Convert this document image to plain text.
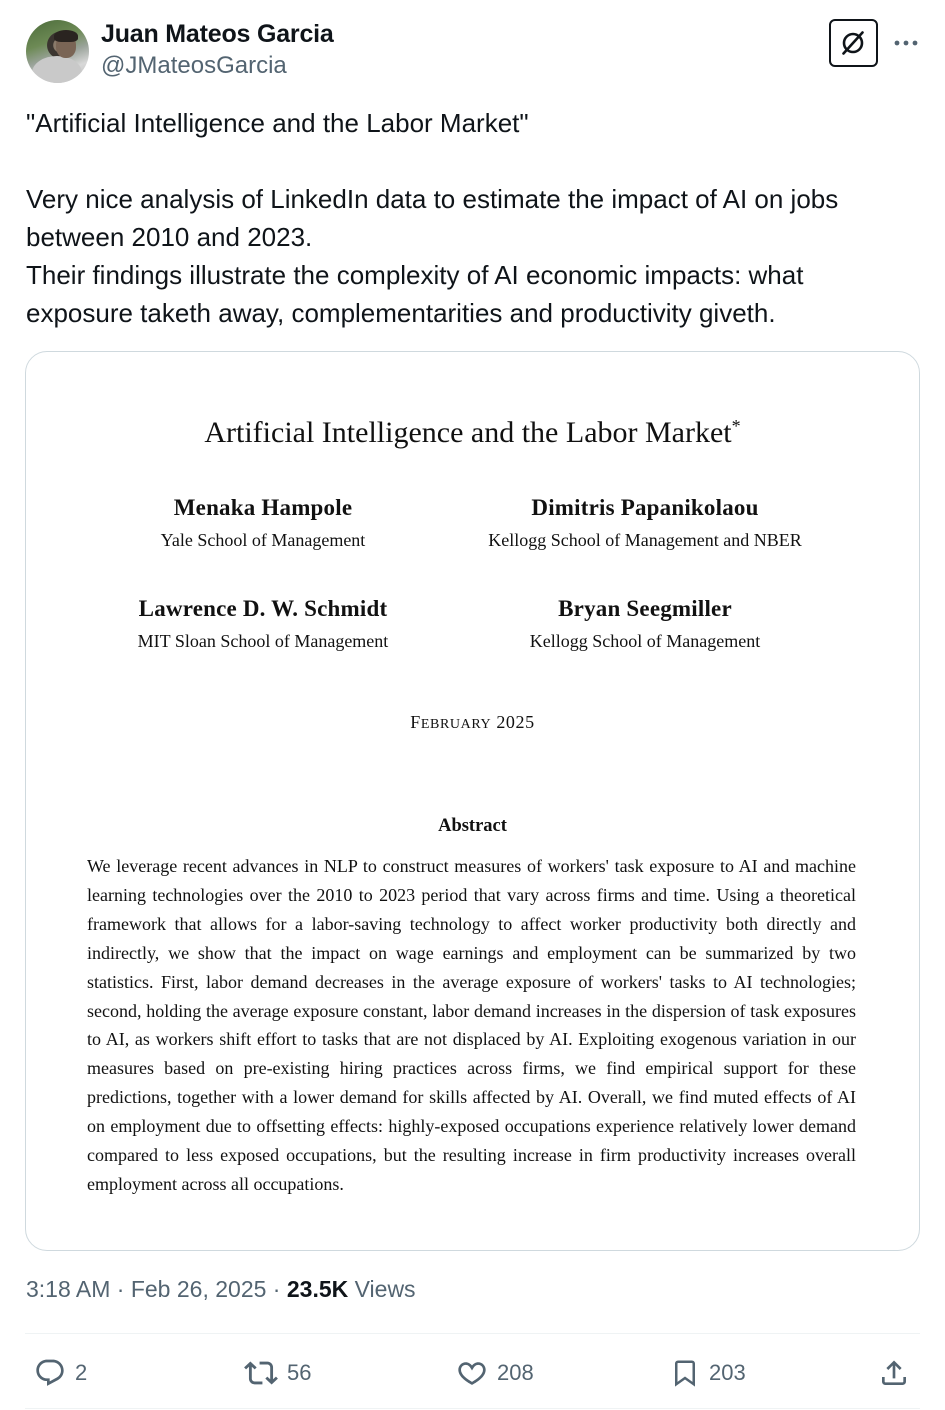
Juan Mateos Garcia
@JMateosGarcia

"Artificial Intelligence and the Labor Market"

Very nice analysis of LinkedIn data to estimate the impact of AI on jobs between 2010 and 2023.

Their findings illustrate the complexity of AI economic impacts: what exposure taketh away, complementarities and productivity giveth.

Artificial Intelligence and the Labor Market*
Menaka Hampole
Yale School of Management
Dimitris Papanikolaou
Kellogg School of Management and NBER
Lawrence D. W. Schmidt
MIT Sloan School of Management
Bryan Seegmiller
Kellogg School of Management
FEBRUARY 2025
Abstract
We leverage recent advances in NLP to construct measures of workers' task exposure to AI and machine learning technologies over the 2010 to 2023 period that vary across firms and time. Using a theoretical framework that allows for a labor-saving technology to affect worker productivity both directly and indirectly, we show that the impact on wage earnings and employment can be summarized by two statistics. First, labor demand decreases in the average exposure of workers' tasks to AI technologies; second, holding the average exposure constant, labor demand increases in the dispersion of task exposures to AI, as workers shift effort to tasks that are not displaced by AI. Exploiting exogenous variation in our measures based on pre-existing hiring practices across firms, we find empirical support for these predictions, together with a lower demand for skills affected by AI. Overall, we find muted effects of AI on employment due to offsetting effects: highly-exposed occupations experience relatively lower demand compared to less exposed occupations, but the resulting increase in firm productivity increases overall employment across all occupations.
3:18 AM · Feb 26, 2025 · 23.5K Views
2	56	208	203
